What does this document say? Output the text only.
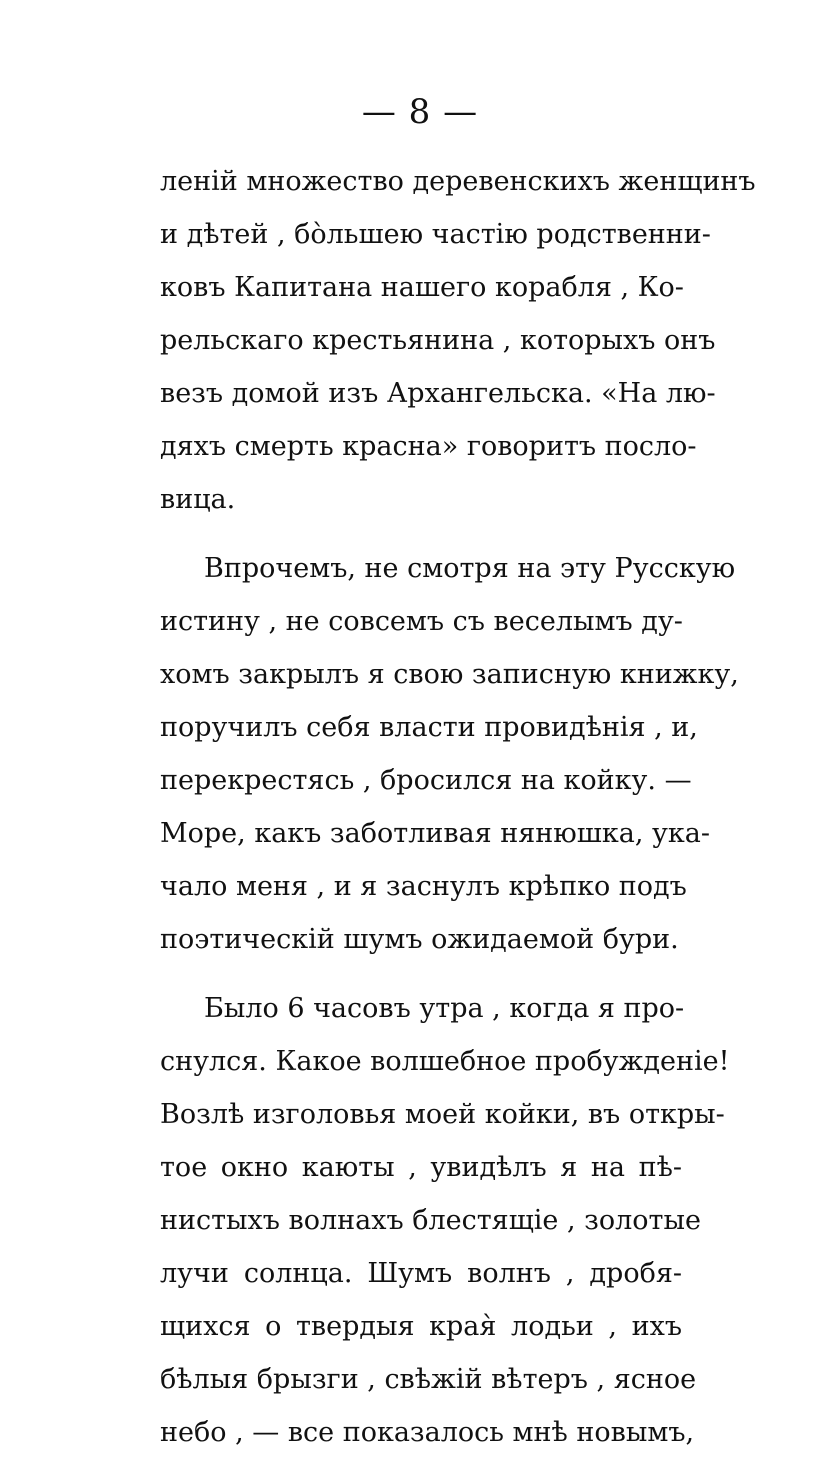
— 8 —
леній множество деревенскихъ женщинъ
и дѣтей , бо̀льшею частію родственни-
ковъ Капитана нашего корабля , Ко-
рельскаго крестьянина , которыхъ онъ
везъ домой изъ Архангельска. «На лю-
дяхъ смерть красна» говоритъ посло-
вица.
Впрочемъ, не смотря на эту Русскую
истину , не совсемъ съ веселымъ ду-
хомъ закрылъ я свою записную книжку,
поручилъ себя власти провидѣнія , и,
перекрестясь , бросился на койку. —
Море, какъ заботливая нянюшка, ука-
чало меня , и я заснулъ крѣпко подъ
поэтическій шумъ ожидаемой бури.
Было 6 часовъ утра , когда я про-
снулся. Какое волшебное пробужденіе!
Возлѣ изголовья моей койки, въ откры-
тое окно каюты , увидѣлъ я на пѣ-
нистыхъ волнахъ блестящіе , золотые
лучи солнца. Шумъ волнъ , дробя-
щихся о твердыя края̀ лодьи , ихъ
бѣлыя брызги , свѣжій вѣтеръ , ясное
небо , — все показалось мнѣ новымъ,
